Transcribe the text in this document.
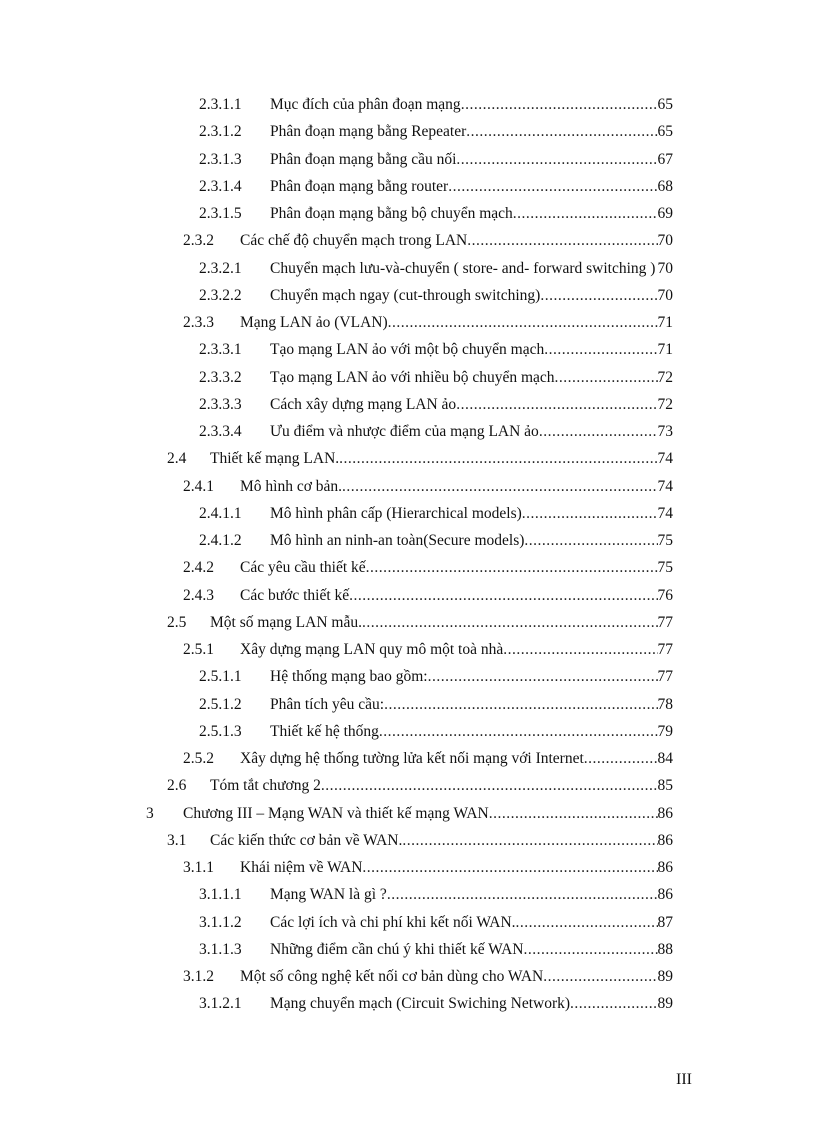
2.3.1.1 Mục đích của phân đoạn mạng .....	65
2.3.1.2 Phân đoạn mạng bằng Repeater .....	65
2.3.1.3 Phân đoạn mạng bằng cầu nối .....	67
2.3.1.4 Phân đoạn mạng bằng router .....	68
2.3.1.5 Phân đoạn mạng bằng bộ chuyển mạch .....	69
2.3.2 Các chế độ chuyển mạch trong LAN .....	70
2.3.2.1 Chuyển mạch lưu-và-chuyển ( store- and- forward switching ) 70
2.3.2.2 Chuyển mạch ngay (cut-through switching) .....	70
2.3.3 Mạng LAN ảo (VLAN) .....	71
2.3.3.1 Tạo mạng LAN ảo với một bộ chuyển mạch .....	71
2.3.3.2 Tạo mạng LAN ảo với nhiều bộ chuyển mạch .....	72
2.3.3.3 Cách xây dựng mạng LAN ảo .....	72
2.3.3.4 Ưu điểm và nhược điểm của mạng LAN ảo .....	73
2.4 Thiết kế mạng LAN. .....	74
2.4.1 Mô hình cơ bản. .....	74
2.4.1.1 Mô hình phân cấp (Hierarchical models) .....	74
2.4.1.2 Mô hình an ninh-an toàn(Secure models) .....	75
2.4.2 Các yêu cầu thiết kế .....	75
2.4.3 Các bước thiết kế .....	76
2.5 Một số mạng LAN mẫu. .....	77
2.5.1 Xây dựng mạng LAN quy mô một toà nhà .....	77
2.5.1.1 Hệ thống mạng bao gồm: .....	77
2.5.1.2 Phân tích yêu cầu: .....	78
2.5.1.3 Thiết kế hệ thống .....	79
2.5.2 Xây dựng hệ thống tường lửa kết nối mạng với Internet .....	84
2.6 Tóm tắt chương 2 .....	85
3 Chương III – Mạng WAN và thiết kế mạng WAN .....	86
3.1 Các kiến thức cơ bản về WAN. .....	86
3.1.1 Khái niệm về WAN .....	86
3.1.1.1 Mạng WAN là gì ? .....	86
3.1.1.2 Các lợi ích và chi phí khi kết nối WAN. .....	87
3.1.1.3 Những điểm cần chú ý khi thiết kế WAN .....	88
3.1.2 Một số công nghệ kết nối cơ bản dùng cho WAN .....	89
3.1.2.1 Mạng chuyển mạch (Circuit Swiching Network) .....	89
III
